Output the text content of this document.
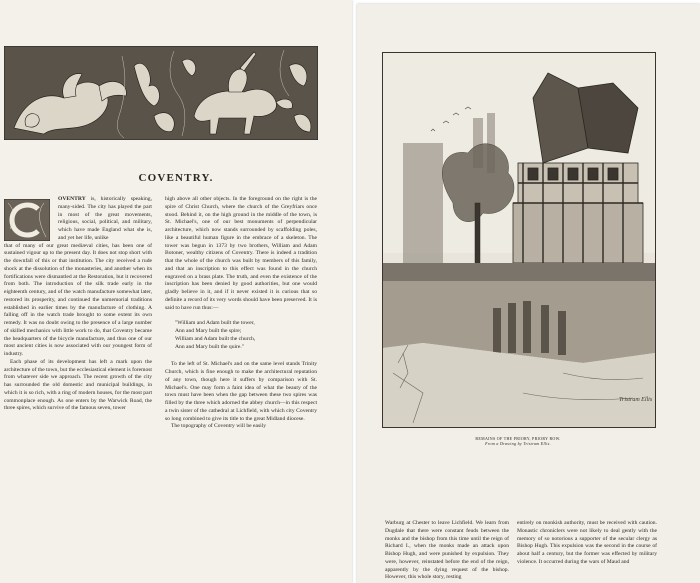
COVENTRY.

OVENTRY is, historically speaking, many-sided. The city has played the part in most of the great movements, religious, social, political, and military, which have made England what she is, and yet her life, unlike

that of many of our great mediæval cities, has been one of sustained vigour up to the present day. It does not stop short with the downfall of this or that institution. The city received a rude shock at the dissolution of the monasteries, and another when its fortifications were dismantled at the Restoration, but it recovered from both. The introduction of the silk trade early in the eighteenth century, and of the watch manufacture somewhat later, restored its prosperity, and continued the unmemorial traditions established in earlier times by the manufacture of clothing. A falling off in the watch trade brought to some extent its own remedy. It was no doubt owing to the presence of a large number of skilled mechanics with little work to do, that Coventry became the headquarters of the bicycle manufacture, and thus one of our most ancient cities is now associated with our youngest form of industry.

Each phase of its development has left a mark upon the architecture of the town, but the ecclesiastical element is foremost from whatever side we approach. The recent growth of the city has surrounded the old domestic and municipal buildings, in which it is so rich, with a ring of modern houses, for the most part commonplace enough. As one enters by the Warwick Road, the three spires, which survive of the famous seven, tower

high above all other objects. In the foreground on the right is the spire of Christ Church, where the church of the Greyfriars once stood. Behind it, on the high ground in the middle of the town, is St. Michael's, one of our best monuments of perpendicular architecture, which now stands surrounded by scaffolding poles, like a beautiful human figure in the embrace of a skeleton. The tower was begun in 1373 by two brothers, William and Adam Botoner, wealthy citizens of Coventry. There is indeed a tradition that the whole of the church was built by members of this family, and that an inscription to this effect was found in the church engraved on a brass plate. The truth, and even the existence of the inscription has been denied by good authorities, but one would gladly believe in it, and if it never existed it is curious that so definite a record of its very words should have been preserved. It is said to have run thus:—

"William and Adam built the tower,
Ann and Mary built the spire;
William and Adam built the church,
Ann and Mary built the quire."

To the left of St. Michael's and on the same level stands Trinity Church, which is fine enough to make the architectural reputation of any town, though here it suffers by comparison with St. Michael's. One may form a faint idea of what the beauty of the town must have been when the gap between these two spires was filled by the three which adorned the abbey church—in this respect a twin sister of the cathedral at Lichfield, with which city Coventry so long combined to give its title to the great Midland diocese.

The topography of Coventry will be easily

Tristram Ellis
REMAINS OF THE PRIORY, PRIORY ROW.
From a Drawing by Tristram Ellis.

Warburg at Chester to leave Lichfield. We learn from Dugdale that there were constant feuds between the monks and the bishop from this time until the reign of Richard I., when the monks made an attack upon Bishop Hugh, and were punished by expulsion. They were, however, reinstated before the end of the reign, apparently by the dying request of the bishop. However, this whole story, resting

entirely on monkish authority, must be received with caution. Monastic chroniclers were not likely to deal gently with the memory of so notorious a supporter of the secular clergy as Bishop Hugh. This expulsion was the second in the course of about half a century, but the former was effected by military violence. It occurred during the wars of Maud and
